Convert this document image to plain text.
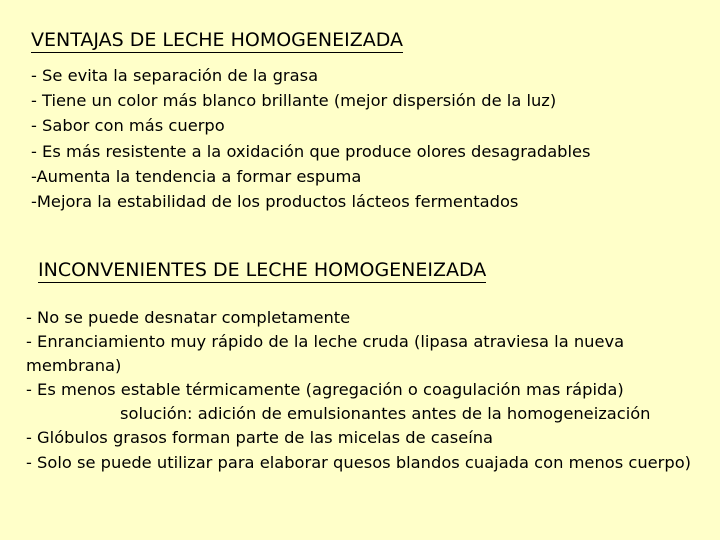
VENTAJAS DE LECHE HOMOGENEIZADA
- Se evita la separación de la grasa
- Tiene un color más blanco brillante (mejor dispersión de la luz)
- Sabor con más cuerpo
- Es más resistente a la oxidación que produce olores desagradables
-Aumenta la tendencia a formar espuma
-Mejora la estabilidad de los productos lácteos fermentados
INCONVENIENTES DE LECHE HOMOGENEIZADA
- No se puede desnatar completamente
- Enranciamiento muy rápido de la leche cruda (lipasa atraviesa la nueva membrana)
- Es menos estable térmicamente (agregación o coagulación mas rápida)
solución: adición de emulsionantes antes de la homogeneización
- Glóbulos grasos forman parte de las micelas de caseína
- Solo se puede utilizar para elaborar quesos blandos cuajada con menos cuerpo)
